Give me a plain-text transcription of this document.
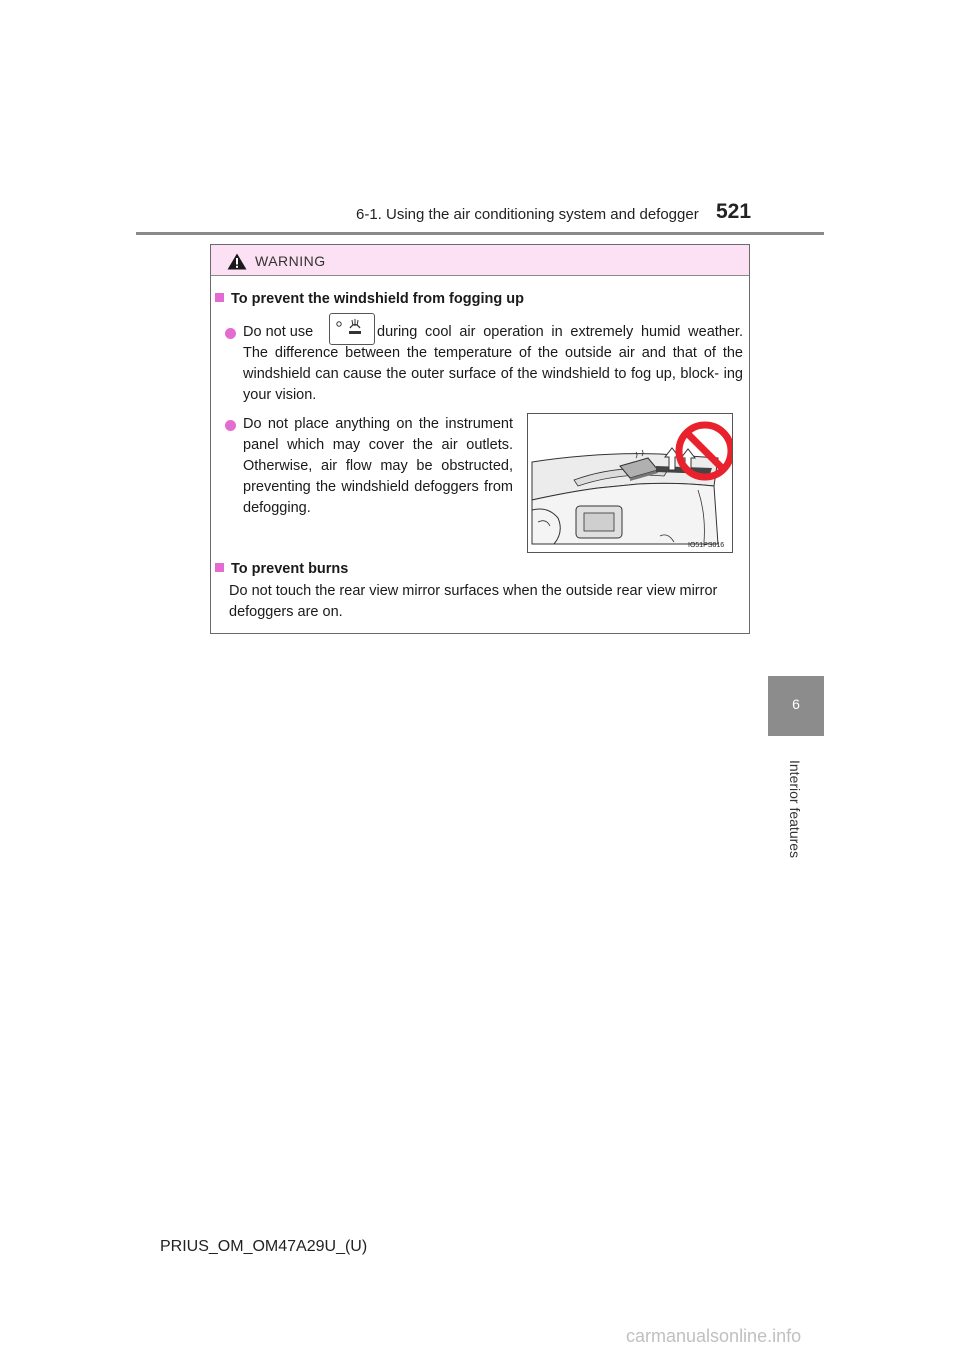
6-1. Using the air conditioning system and defogger 521
6
Interior features
WARNING
To prevent the windshield from fogging up
Do not use	during cool air operation in extremely humid weather. The difference between the temperature of the outside air and that of the windshield can cause the outer surface of the windshield to fog up, block- ing your vision.
Do not place anything on the instrument panel which may cover the air outlets. Otherwise, air flow may be obstructed, preventing the windshield defoggers from defogging.
IO51PS016
To prevent burns
Do not touch the rear view mirror surfaces when the outside rear view mirror defoggers are on.
PRIUS_OM_OM47A29U_(U)
carmanualsonline.info
